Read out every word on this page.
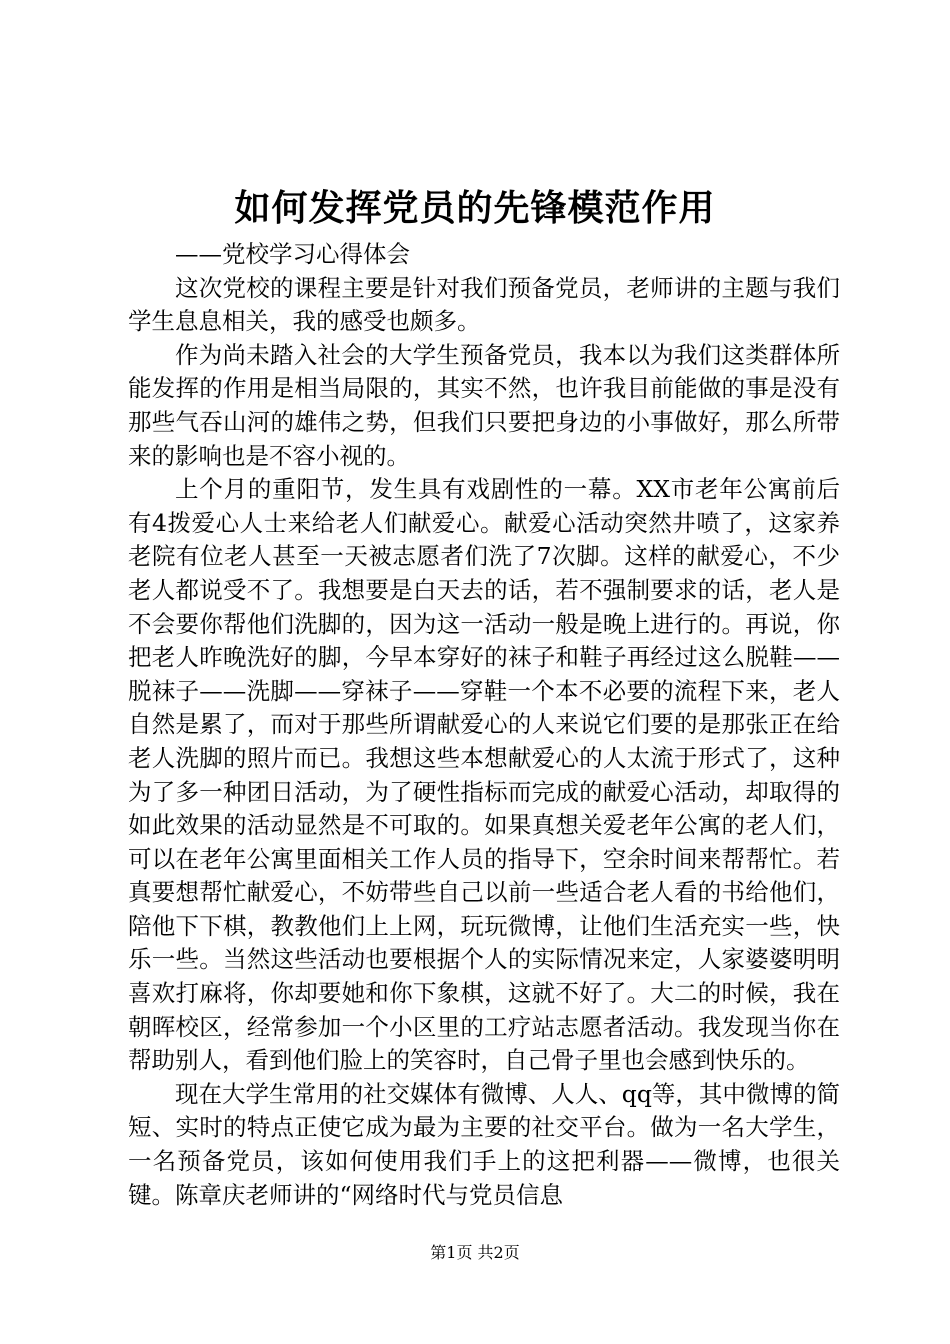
如何发挥党员的先锋模范作用

——党校学习心得体会

这次党校的课程主要是针对我们预备党员，老师讲的主题与我们学生息息相关，我的感受也颇多。

作为尚未踏入社会的大学生预备党员，我本以为我们这类群体所能发挥的作用是相当局限的，其实不然，也许我目前能做的事是没有那些气吞山河的雄伟之势，但我们只要把身边的小事做好，那么所带来的影响也是不容小视的。

上个月的重阳节，发生具有戏剧性的一幕。XX市老年公寓前后有4拨爱心人士来给老人们献爱心。献爱心活动突然井喷了，这家养老院有位老人甚至一天被志愿者们洗了7次脚。这样的献爱心，不少老人都说受不了。我想要是白天去的话，若不强制要求的话，老人是不会要你帮他们洗脚的，因为这一活动一般是晚上进行的。再说，你把老人昨晚洗好的脚，今早本穿好的袜子和鞋子再经过这么脱鞋——脱袜子——洗脚——穿袜子——穿鞋一个本不必要的流程下来，老人自然是累了，而对于那些所谓献爱心的人来说它们要的是那张正在给老人洗脚的照片而已。我想这些本想献爱心的人太流于形式了，这种为了多一种团日活动，为了硬性指标而完成的献爱心活动，却取得的如此效果的活动显然是不可取的。如果真想关爱老年公寓的老人们，可以在老年公寓里面相关工作人员的指导下，空余时间来帮帮忙。若真要想帮忙献爱心，不妨带些自己以前一些适合老人看的书给他们，陪他下下棋，教教他们上上网，玩玩微博，让他们生活充实一些，快乐一些。当然这些活动也要根据个人的实际情况来定，人家婆婆明明喜欢打麻将，你却要她和你下象棋，这就不好了。大二的时候，我在朝晖校区，经常参加一个小区里的工疗站志愿者活动。我发现当你在帮助别人，看到他们脸上的笑容时，自己骨子里也会感到快乐的。

现在大学生常用的社交媒体有微博、人人、qq等，其中微博的简短、实时的特点正使它成为最为主要的社交平台。做为一名大学生，一名预备党员，该如何使用我们手上的这把利器——微博，也很关键。陈章庆老师讲的“网络时代与党员信息

第1页 共2页
